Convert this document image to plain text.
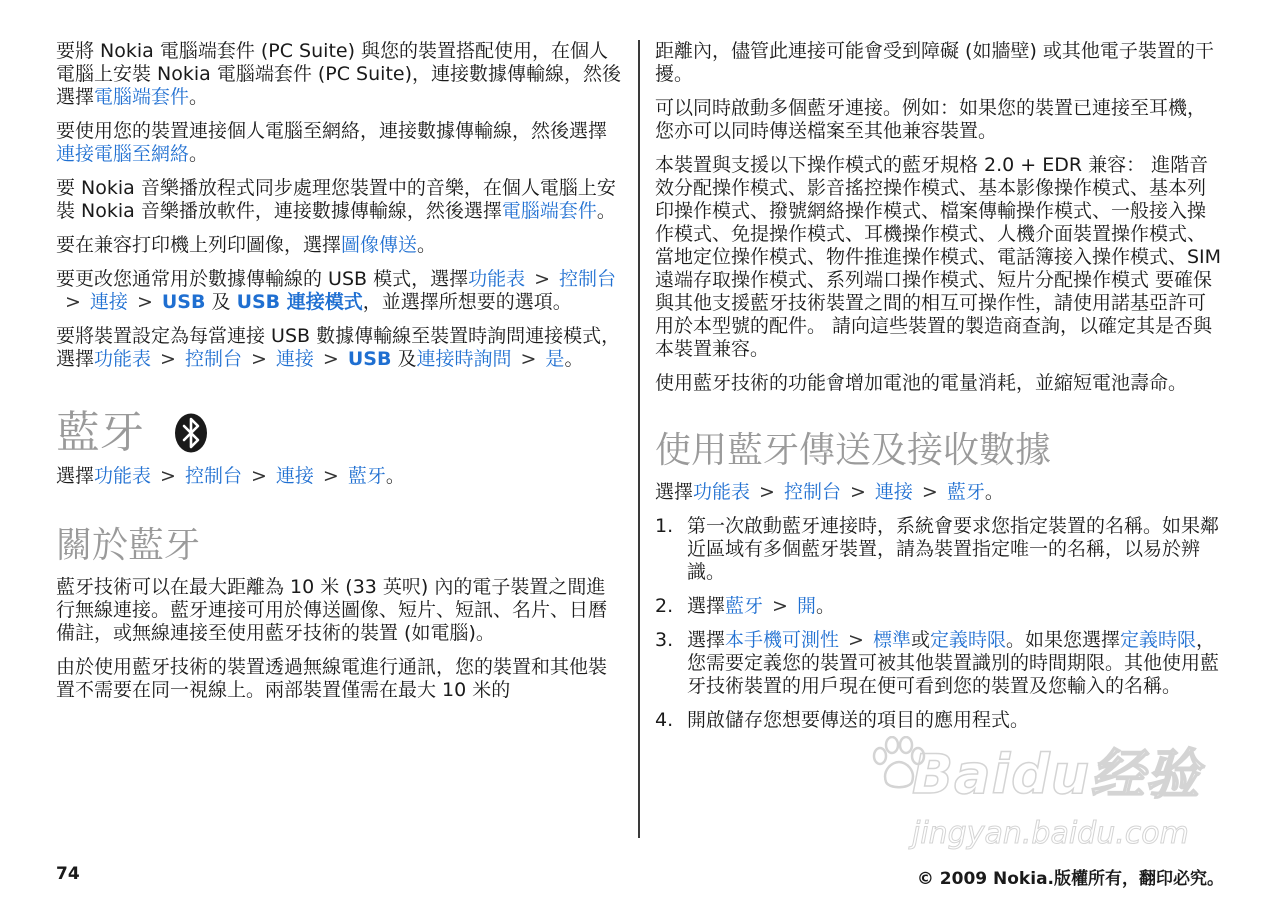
要將 Nokia 電腦端套件 (PC Suite) 與您的裝置搭配使用，在個人電腦上安裝 Nokia 電腦端套件 (PC Suite)，連接數據傳輸線，然後選擇電腦端套件。

要使用您的裝置連接個人電腦至網絡，連接數據傳輸線，然後選擇連接電腦至網絡。

要 Nokia 音樂播放程式同步處理您裝置中的音樂，在個人電腦上安裝 Nokia 音樂播放軟件，連接數據傳輸線，然後選擇電腦端套件。

要在兼容打印機上列印圖像，選擇圖像傳送。

要更改您通常用於數據傳輸線的 USB 模式，選擇功能表 > 控制台> 連接 > USB 及 USB 連接模式，並選擇所想要的選項。

要將裝置設定為每當連接 USB 數據傳輸線至裝置時詢問連接模式，選擇功能表 > 控制台 > 連接 > USB 及連接時詢問 > 是。

藍牙

選擇功能表 > 控制台 > 連接 > 藍牙。

關於藍牙

藍牙技術可以在最大距離為 10 米 (33 英呎) 內的電子裝置之間進行無線連接。藍牙連接可用於傳送圖像、短片、短訊、名片、日曆備註，或無線連接至使用藍牙技術的裝置 (如電腦)。

由於使用藍牙技術的裝置透過無線電進行通訊，您的裝置和其他裝置不需要在同一視線上。兩部裝置僅需在最大 10 米的

距離內，儘管此連接可能會受到障礙 (如牆壁) 或其他電子裝置的干擾。

可以同時啟動多個藍牙連接。例如：如果您的裝置已連接至耳機，您亦可以同時傳送檔案至其他兼容裝置。

本裝置與支援以下操作模式的藍牙規格 2.0 + EDR 兼容： 進階音效分配操作模式、影音搖控操作模式、基本影像操作模式、基本列印操作模式、撥號網絡操作模式、檔案傳輸操作模式、一般接入操作模式、免提操作模式、耳機操作模式、人機介面裝置操作模式、當地定位操作模式、物件推進操作模式、電話簿接入操作模式、SIM 遠端存取操作模式、系列端口操作模式、短片分配操作模式 要確保與其他支援藍牙技術裝置之間的相互可操作性，請使用諾基亞許可用於本型號的配件。 請向這些裝置的製造商查詢，以確定其是否與本裝置兼容。

使用藍牙技術的功能會增加電池的電量消耗，並縮短電池壽命。

使用藍牙傳送及接收數據

選擇功能表 > 控制台 > 連接 > 藍牙。

1. 第一次啟動藍牙連接時，系統會要求您指定裝置的名稱。如果鄰近區域有多個藍牙裝置，請為裝置指定唯一的名稱，以易於辨識。
2. 選擇藍牙 > 開。
3. 選擇本手機可測性 > 標準或定義時限。如果您選擇定義時限，您需要定義您的裝置可被其他裝置識別的時間期限。其他使用藍牙技術裝置的用戶現在便可看到您的裝置及您輸入的名稱。
4. 開啟儲存您想要傳送的項目的應用程式。
Baidu经验
jingyan.baidu.com
74	© 2009 Nokia.版權所有，翻印必究。
